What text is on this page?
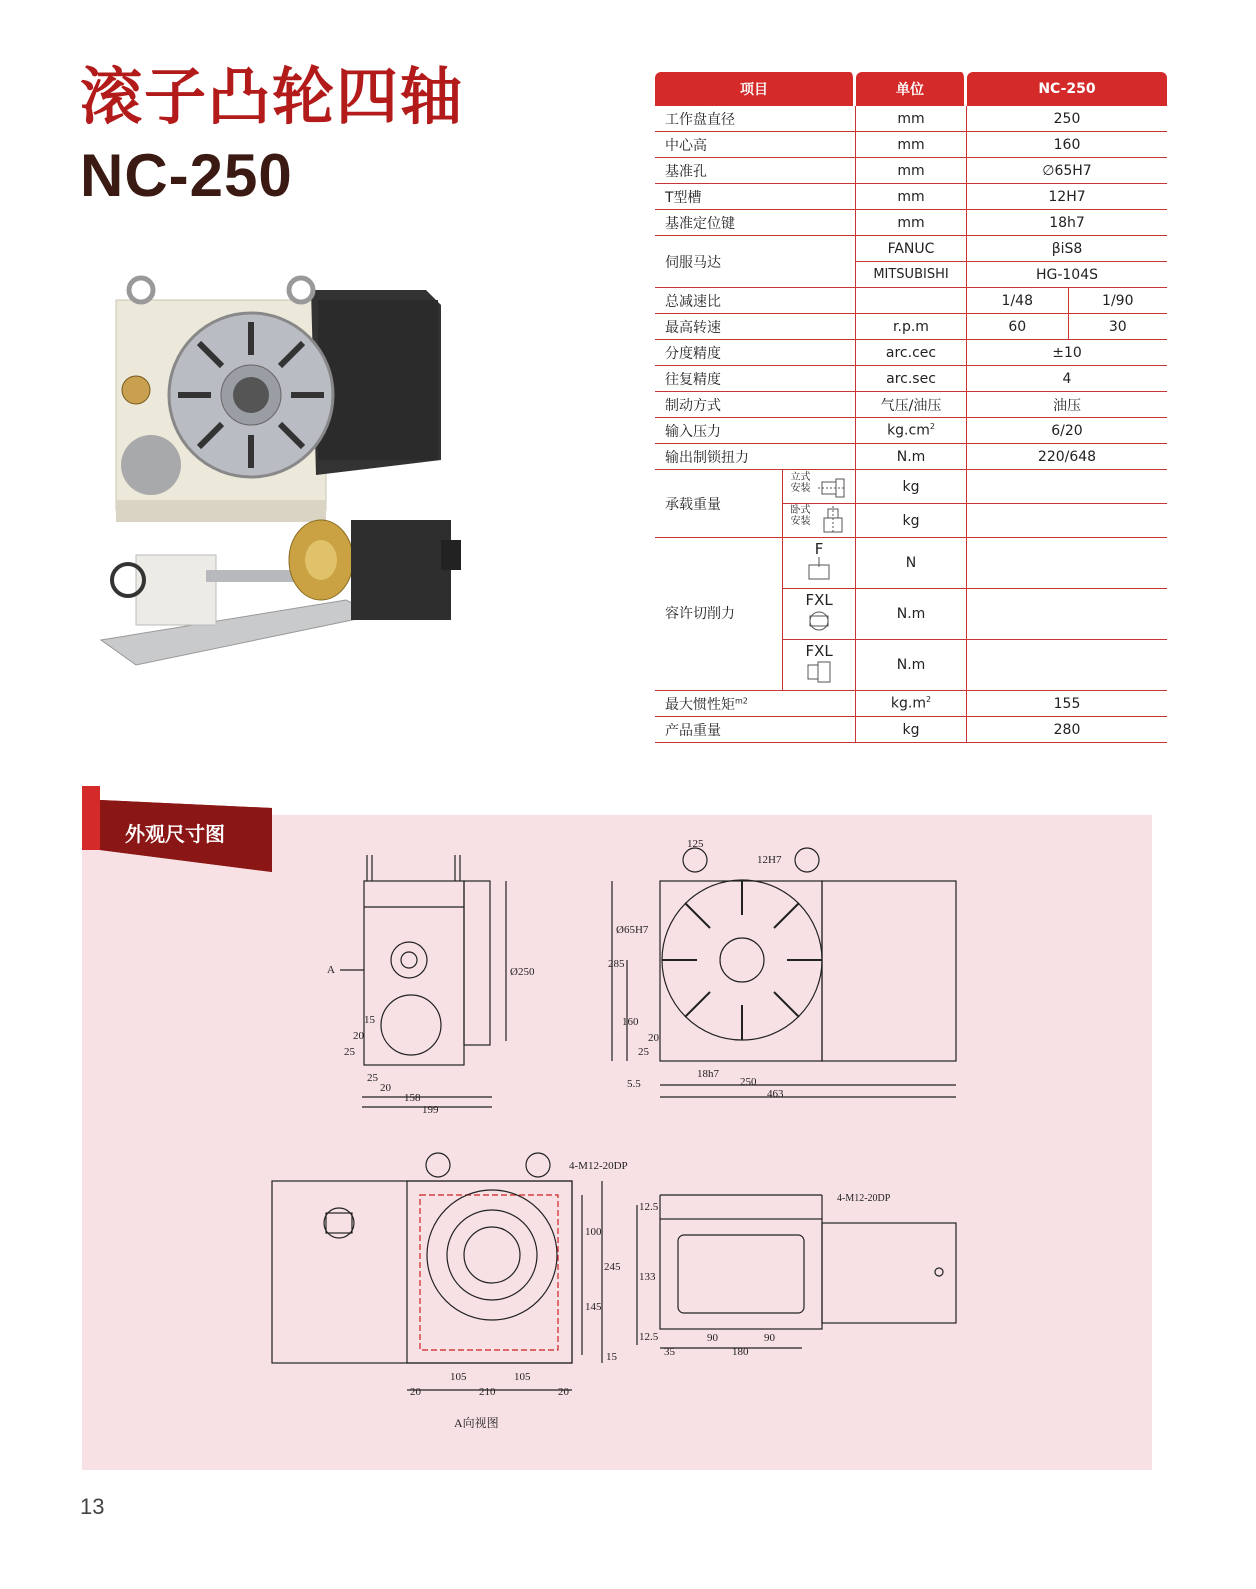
滚子凸轮四轴
NC-250
项目		单位	NC-250	
工作盘直径		mm	250	
中心高		mm	160	
基准孔		mm	∅65H7	
T型槽		mm	12H7	
基准定位键		mm	18h7	
伺服马达		FANUC	βiS8	
		MITSUBISHI	HG-104S	
总减速比			1/48	1/90
最高转速		r.p.m	60	30
分度精度		arc.cec	±10	
往复精度		arc.sec	4	
制动方式		气压/油压	油压	
输入压力		$kg.cm^2$	6/20	
输出制锁扭力		N.m	220/648	
承载重量	立式安装	kg		
	卧式安装	kg		
容许切削力	F	N		
	FXL	N.m		
	FXL	N.m		
最大惯性矩$^{m2}$		$kg.m^2$	155	
产品重量		kg	280	
外观尺寸图
A	Ø250
15
20
25
25
20
158
199
125
12H7
Ø65H7
285
160
25
20
5.5
18h7
250
463
4-M12-20DP
100
245
145
15
105	105
210
20	20
A向视图
4-M12-20DP
12.5
133
12.5	90	90
35	180
13
